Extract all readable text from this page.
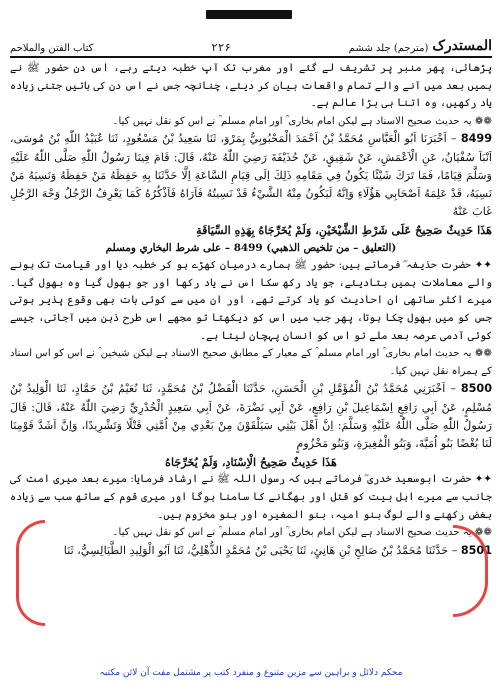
کتاب الفتن والملاحم	۲۲۶	المستدرک
(مترجم) جلد ششم

پڑھائی، پھر منبر پر تشریف لے گئے اور مغرب تک آپ خطبہ دیتے رہے، اس دن حضور ﷺ نے ہمیں بعد میں آنے والے تمام واقعات بیان کر دیئے، چنانچہ جس نے اس دن کی باتیں جتنی زیادہ یاد رکھیں، وہ اتنا ہی بڑا عالم ہے۔

❁❁ یہ حدیث صحیح الاسناد ہے لیکن امام بخاری ؒ اور امام مسلم ؒ نے اس کو نقل نہیں کیا۔

8499 – اَخْبَرَنَا اَبُو الْعَبَّاسِ مُحَمَّدُ بْنُ اَحْمَدَ الْمَحْبُوبِيُّ بِمَرْوَ، ثَنَا سَعِيدُ بْنُ مَسْعُودٍ، ثَنَا عُبَيْدُ اللّٰهِ بْنُ مُوسَى، اَنْبَاَ سُفْيَانُ، عَنِ الْاَعْمَشِ، عَنْ شَقِيقٍ، عَنْ حُذَيْفَةَ رَضِيَ اللّٰهُ عَنْهُ، قَالَ: قَامَ فِينَا رَسُولُ اللّٰهِ صَلَّى اللّٰهُ عَلَيْهِ وَسَلَّمَ قِيَامًا، فَمَا تَرَكَ شَيْئًا يَكُونُ فِي مَقَامِهِ ذَلِكَ اِلَى قِيَامِ السَّاعَةِ اِلَّا حَدَّثَنَا بِهِ حَفِظَهُ مَنْ حَفِظَهُ وَنَسِيَهُ مَنْ نَسِيَهُ، قَدْ عَلِمَهُ اَصْحَابِي هَؤُلَاءِ وَاِنَّهُ لَيَكُونُ مِنْهُ الشَّيْءُ قَدْ نَسِيتُهُ فَاَرَاهُ فَاَذْكُرُهُ كَمَا يَعْرِفُ الرَّجُلُ وَجْهَ الرَّجُلِ غَابَ عَنْهُ

هَذَا حَدِيثٌ صَحِيحٌ عَلَى شَرْطِ الشَّيْخَيْنِ، وَلَمْ يُخَرِّجَاهُ بِهَذِهِ السِّيَاقَةِ

(التعليق – من تلخيص الذهبي) 8499 – على شرط البخاري ومسلم

✦✦ حضرت حذیفہ ؓ فرماتے ہیں: حضور ﷺ ہمارے درمیان کھڑے ہو کر خطبہ دیا اور قیامت تک ہونے والے معاملات ہمیں بتادیئے، جو یاد رکھ سکا اس نے یاد رکھا اور جو بھول گیا وہ بھول گیا۔ میرے اکثر ساتھی ان احادیث کو یاد کرتے تھے، اور ان میں سے کوئی بات بھی وقوع پذیر ہوتی جس کو میں بھول چکا ہوتا، پھر جب میں اس کو دیکھتا تو مجھے اس طرح ذہن میں آجاتی، جیسے کوئی آدمی عرصہ بعد ملے تو اس کو انسان پہچان لیتا ہے۔

❁❁ یہ حدیث امام بخاری ؒ اور امام مسلم ؒ کے معیار کے مطابق صحیح الاسناد ہے لیکن شیخین ؒ نے اس کو اس اسناد کے ہمراہ نقل نہیں کیا۔

8500 – اَخْبَرَنِي مُحَمَّدُ بْنُ الْمُؤَمَّلِ بْنِ الْحَسَنِ، حَدَّثَنَا الْفَضْلُ بْنُ مُحَمَّدٍ، ثَنَا نُعَيْمُ بْنُ حَمَّادٍ، ثَنَا الْوَلِيدُ بْنُ مُسْلِمٍ، عَنْ اَبِي رَافِعٍ اِسْمَاعِيلَ بْنِ رَافِعٍ، عَنْ اَبِي نَضْرَةَ، عَنْ اَبِي سَعِيدٍ الْخُدْرِيِّ رَضِيَ اللّٰهُ عَنْهُ، قَالَ: قَالَ رَسُولُ اللّٰهِ صَلَّى اللّٰهُ عَلَيْهِ وَسَلَّمَ: اِنَّ اَهْلَ بَيْتِي سَيَلْقَوْنَ مِنْ بَعْدِي مِنْ اُمَّتِي قَتْلًا وَتَشْرِيدًا، وَاِنَّ اَشَدَّ قَوْمِنَا لَنَا بُغْضًا بَنُو اُمَيَّةَ، وَبَنُو الْمُغِيرَةِ، وَبَنُو مَخْزُومٍ

هَذَا حَدِيثٌ صَحِيحُ الْاِسْنَادِ، وَلَمْ يُخَرِّجَاهُ

✦✦ حضرت ابوسعید خدری ؓ فرماتے ہیں کہ رسول اللہ ﷺ نے ارشاد فرمایا: میرے بعد میری امت کی جانب سے میرے اہل بیت کو قتل اور بھگانے کا سامنا ہوگا اور میری قوم کے ساتھ سب سے زیادہ بغض رکھنے والے لوگ بنو امیہ، بنو المغیرہ اور بنو مخزوم ہیں۔

❁❁ یہ حدیث صحیح الاسناد ہے لیکن امام بخاری ؒ اور امام مسلم ؒ نے اس کو نقل نہیں کیا۔

8501 – حَدَّثَنَا مُحَمَّدُ بْنُ صَالِحِ بْنِ هَانِئٍ، ثَنَا يَحْيَى بْنُ مُحَمَّدٍ الذُّهْلِيُّ، ثَنَا اَبُو الْوَلِيدِ الطَّيَالِسِيُّ، ثَنَا

محکم دلائل و براہین سے مزین متنوع و منفرد کتب پر مشتمل مفت آن لائن مکتبہ
